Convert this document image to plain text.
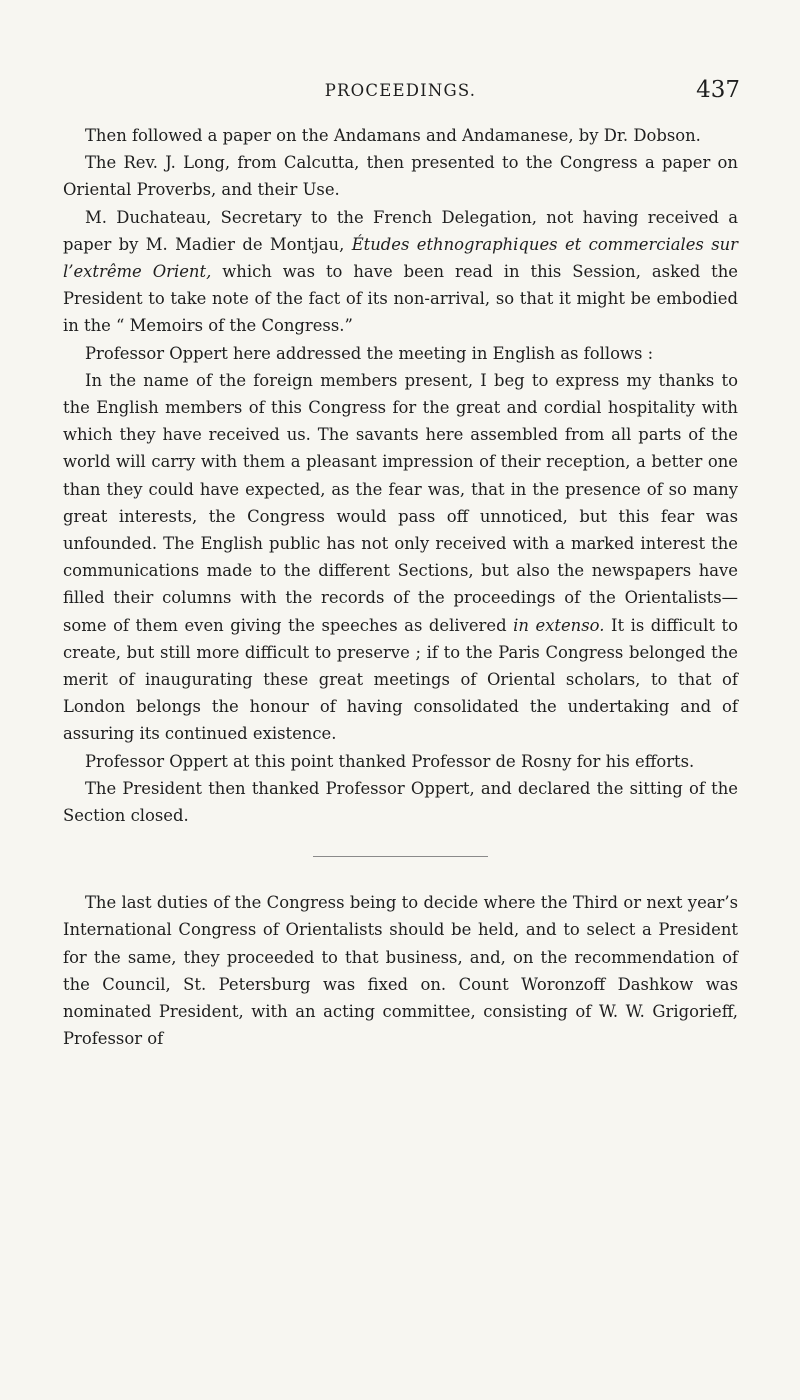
PROCEEDINGS.	437

Then followed a paper on the Andamans and Andamanese, by Dr. Dobson.

The Rev. J. Long, from Calcutta, then presented to the Congress a paper on Oriental Proverbs, and their Use.

M. Duchateau, Secretary to the French Delegation, not having received a paper by M. Madier de Montjau, Études ethnographiques et commerciales sur l’extrême Orient, which was to have been read in this Session, asked the President to take note of the fact of its non-arrival, so that it might be embodied in the “ Memoirs of the Congress.”

Professor Oppert here addressed the meeting in English as follows :

In the name of the foreign members present, I beg to express my thanks to the English members of this Congress for the great and cordial hospitality with which they have received us. The savants here assembled from all parts of the world will carry with them a pleasant impression of their reception, a better one than they could have expected, as the fear was, that in the presence of so many great interests, the Congress would pass off unnoticed, but this fear was unfounded. The English public has not only received with a marked interest the communications made to the different Sections, but also the newspapers have filled their columns with the records of the proceedings of the Orientalists—some of them even giving the speeches as delivered in extenso. It is difficult to create, but still more difficult to preserve ; if to the Paris Congress belonged the merit of inaugurating these great meetings of Oriental scholars, to that of London belongs the honour of having consolidated the undertaking and of assuring its continued existence.

Professor Oppert at this point thanked Professor de Rosny for his efforts.

The President then thanked Professor Oppert, and declared the sitting of the Section closed.

The last duties of the Congress being to decide where the Third or next year’s International Congress of Orientalists should be held, and to select a President for the same, they proceeded to that business, and, on the recommendation of the Council, St. Petersburg was fixed on. Count Woronzoff Dashkow was nominated President, with an acting committee, consisting of W. W. Grigorieff, Professor of
